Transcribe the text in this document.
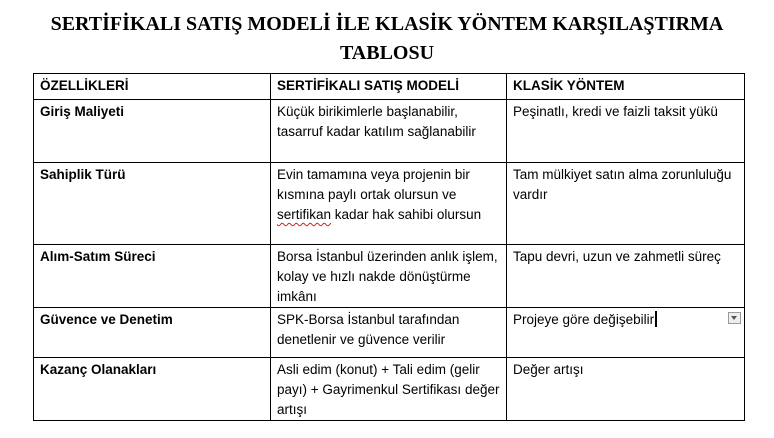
SERTİFİKALI SATIŞ MODELİ İLE KLASİK YÖNTEM KARŞILAŞTIRMA
TABLOSU
ÖZELLİKLERİ	SERTİFİKALI SATIŞ MODELİ	KLASİK YÖNTEM
Giriş Maliyeti	Küçük birikimlerle başlanabilir, tasarruf kadar katılım sağlanabilir	Peşinatlı, kredi ve faizli taksit yükü
Sahiplik Türü	Evin tamamına veya projenin bir kısmına paylı ortak olursun ve sertifikan kadar hak sahibi olursun	Tam mülkiyet satın alma zorunluluğu vardır
Alım-Satım Süreci	Borsa İstanbul üzerinden anlık işlem, kolay ve hızlı nakde dönüştürme imkânı	Tapu devri, uzun ve zahmetli süreç
Güvence ve Denetim	SPK-Borsa İstanbul tarafından denetlenir ve güvence verilir	Projeye göre değişebilir

Kazanç Olanakları	Asli edim (konut) + Tali edim (gelir payı) + Gayrimenkul Sertifikası değer artışı	Değer artışı
